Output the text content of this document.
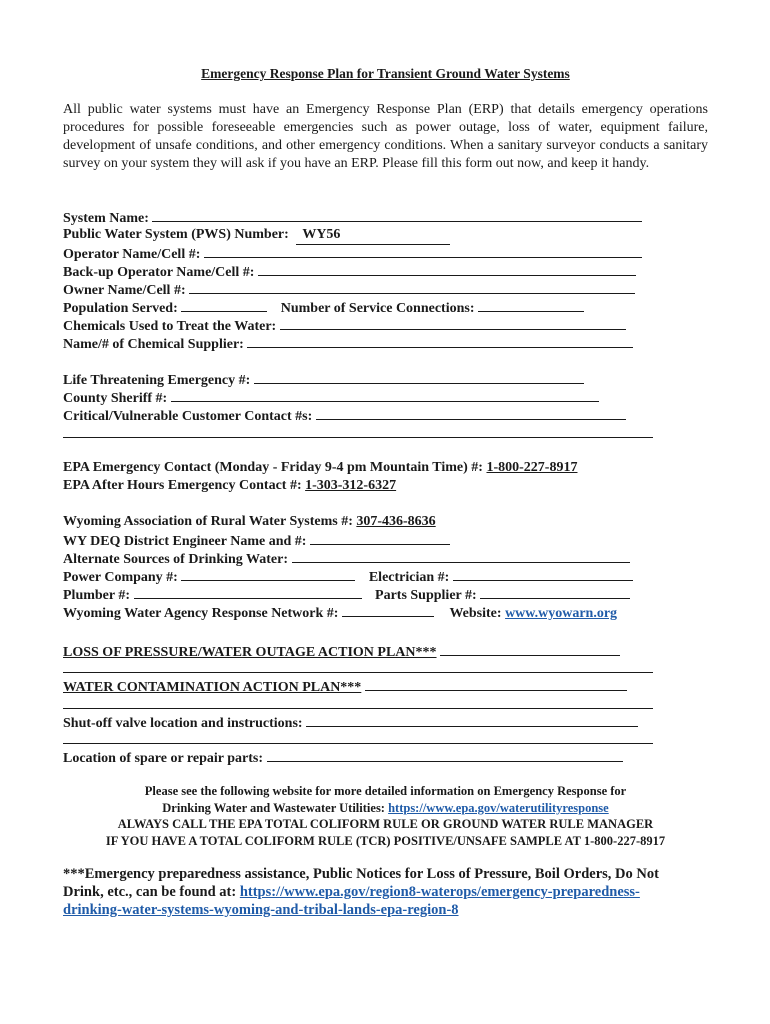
Emergency Response Plan for Transient Ground Water Systems
All public water systems must have an Emergency Response Plan (ERP) that details emergency operations procedures for possible foreseeable emergencies such as power outage, loss of water, equipment failure, development of unsafe conditions, and other emergency conditions. When a sanitary surveyor conducts a sanitary survey on your system they will ask if you have an ERP. Please fill this form out now, and keep it handy.
System Name:
Public Water System (PWS) Number: WY56
Operator Name/Cell #:
Back-up Operator Name/Cell #:
Owner Name/Cell #:
Population Served:	Number of Service Connections:
Chemicals Used to Treat the Water:
Name/# of Chemical Supplier:
Life Threatening Emergency #:
County Sheriff #:
Critical/Vulnerable Customer Contact #s:
EPA Emergency Contact (Monday - Friday 9-4 pm Mountain Time) #: 1-800-227-8917
EPA After Hours Emergency Contact #: 1-303-312-6327
Wyoming Association of Rural Water Systems #: 307-436-8636
WY DEQ District Engineer Name and #:
Alternate Sources of Drinking Water:
Power Company #:	Electrician #:
Plumber #:	Parts Supplier #:
Wyoming Water Agency Response Network #:	Website: www.wyowarn.org
LOSS OF PRESSURE/WATER OUTAGE ACTION PLAN***
WATER CONTAMINATION ACTION PLAN***
Shut-off valve location and instructions:
Location of spare or repair parts:
Please see the following website for more detailed information on Emergency Response for
Drinking Water and Wastewater Utilities: https://www.epa.gov/waterutilityresponse
ALWAYS CALL THE EPA TOTAL COLIFORM RULE OR GROUND WATER RULE MANAGER
IF YOU HAVE A TOTAL COLIFORM RULE (TCR) POSITIVE/UNSAFE SAMPLE AT 1-800-227-8917
***Emergency preparedness assistance, Public Notices for Loss of Pressure, Boil Orders, Do Not
Drink, etc., can be found at: https://www.epa.gov/region8-waterops/emergency-preparedness-
drinking-water-systems-wyoming-and-tribal-lands-epa-region-8
